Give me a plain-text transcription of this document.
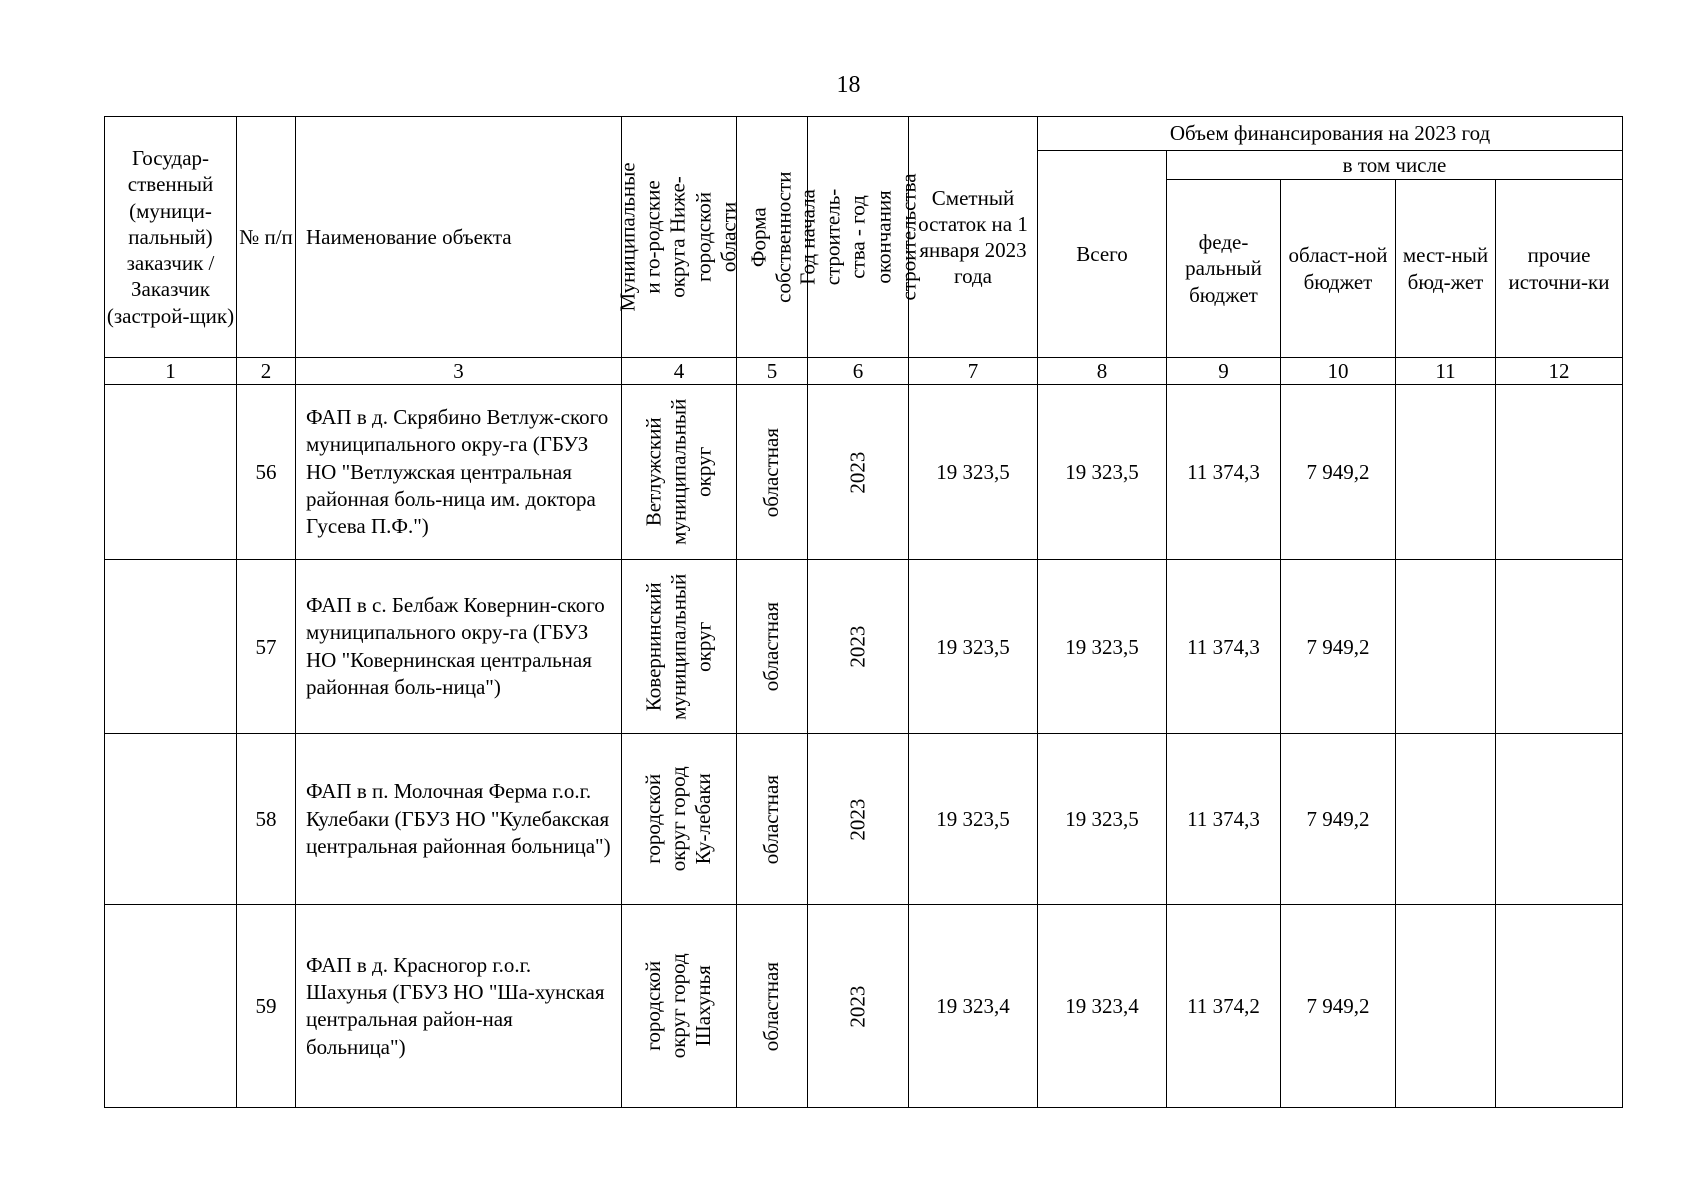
18
Государ-ственный (муници-пальный) заказчик / Заказчик (застрой-щик)	№ п/п	Наименование объекта	Муниципальные и го-родские округа Ниже-городской области	Форма собственности	Год начала строитель-ства - год окончания строительства	Сметный остаток на 1 января 2023 года	Объем финансирования на 2023 год				
							Всего	в том числе			
								феде-ральный бюджет	област-ной бюджет	мест-ный бюд-жет	прочие источни-ки
1	2	3	4	5	6	7	8	9	10	11	12
	56	ФАП в д. Скрябино Ветлуж-ского муниципального окру-га (ГБУЗ НО "Ветлужская центральная районная боль-ница им. доктора Гусева П.Ф.")	Ветлужский муниципальный округ	областная	2023	19 323,5	19 323,5	11 374,3	7 949,2		
	57	ФАП в с. Белбаж Ковернин-ского муниципального окру-га (ГБУЗ НО "Ковернинская центральная районная боль-ница")	Ковернинский муниципальный округ	областная	2023	19 323,5	19 323,5	11 374,3	7 949,2		
	58	ФАП в п. Молочная Ферма г.о.г. Кулебаки (ГБУЗ НО "Кулебакская центральная районная больница")	городской округ город Ку-лебаки	областная	2023	19 323,5	19 323,5	11 374,3	7 949,2		
	59	ФАП в д. Красногор г.о.г. Шахунья (ГБУЗ НО "Ша-хунская центральная район-ная больница")	городской округ город Шахунья	областная	2023	19 323,4	19 323,4	11 374,2	7 949,2		
